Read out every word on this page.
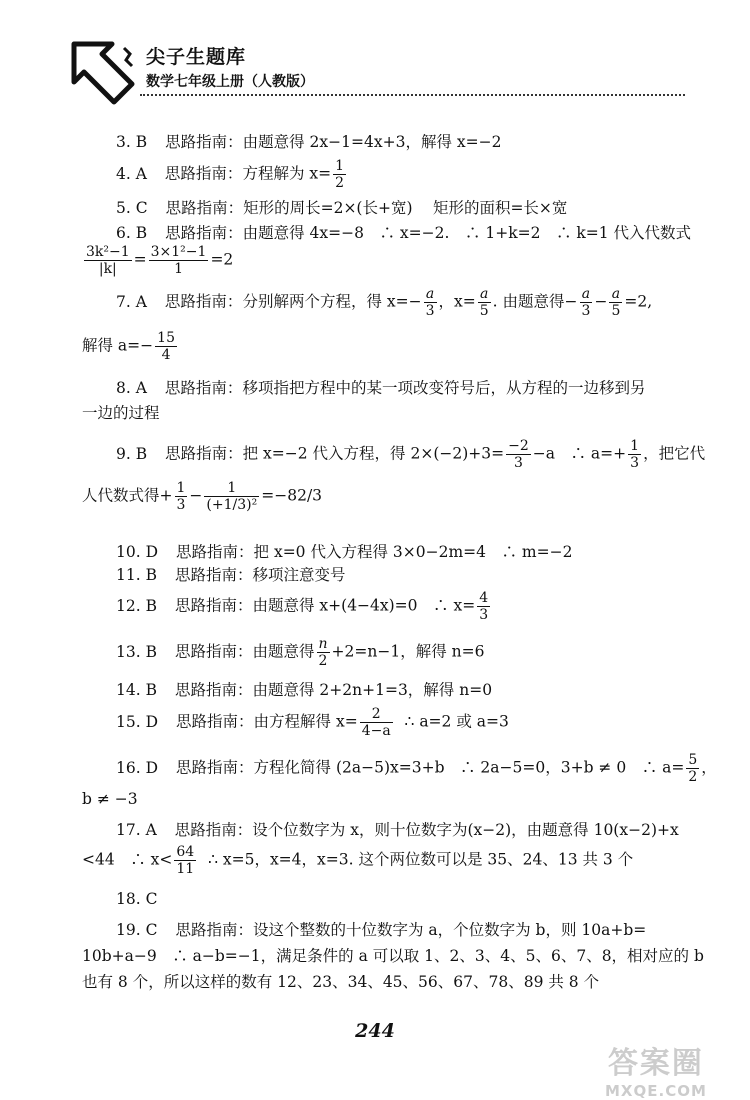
尖子生题库
数学七年级上册（人教版）
3. B 思路指南：由题意得 2x−1=4x+3，解得 x=−2
4. A 思路指南：方程解为 $x= \frac{1}{2}$
5. C 思路指南：矩形的周长=2×(长+宽)　 矩形的面积=长×宽
6. B 思路指南：由题意得 4x=−8　∴ x=−2.　∴ 1+k=2　∴ k=1 代入代数式
$\frac{\text{3k²−1}}{|k|} = \frac{\text{3×1²−1}}{1} =2$
7. A 思路指南：分别解两个方程，得 $x=- \frac{a}{3}$ ，$x= \frac{a}{5}$ . 由题意得− $\frac{a}{3} - \frac{a}{5} =2$,
解得 $a=- \frac{15}{4}$
8. A 思路指南：移项指把方程中的某一项改变符号后，从方程的一边移到另
一边的过程
9. B 思路指南：把 x=−2 代入方程，得 $2\times(-2)+3= \frac{-2}{3} -a$　∴ $a=+ \frac{1}{3}$ ，把它代
人代数式得+ $\frac{1}{3} - \frac{1}{\text{(+1/3)²}} =-82/3$
10. D 思路指南：把 x=0 代入方程得 3×0−2m=4　∴ m=−2
11. B 思路指南：移项注意变号
12. B 思路指南：由题意得 x+(4−4x)=0　∴ $x= \frac{4}{3}$
13. B 思路指南：由题意得 $\frac{n}{2} +2=n-1$，解得 n=6
14. B 思路指南：由题意得 2+2n+1=3，解得 n=0
15. D 思路指南：由方程解得 $x= \frac{2}{4-a}$ ∴ a=2 或 a=3
16. D 思路指南：方程化简得 (2a−5)x=3+b　∴ 2a−5=0，3+b ≠ 0　∴ $a= \frac{5}{2}$ ，
b ≠ −3
17. A 思路指南：设个位数字为 x，则十位数字为(x−2)，由题意得 10(x−2)+x
<44　∴ $x< \frac{64}{11}$ ∴ x=5，x=4，x=3. 这个两位数可以是 35、24、13 共 3 个
18. C
19. C 思路指南：设这个整数的十位数字为 a，个位数字为 b，则 10a+b=
10b+a−9　∴ a−b=−1，满足条件的 a 可以取 1、2、3、4、5、6、7、8，相对应的 b
也有 8 个，所以这样的数有 12、23、34、45、56、67、78、89 共 8 个
244
答案圈
MXQE.COM
